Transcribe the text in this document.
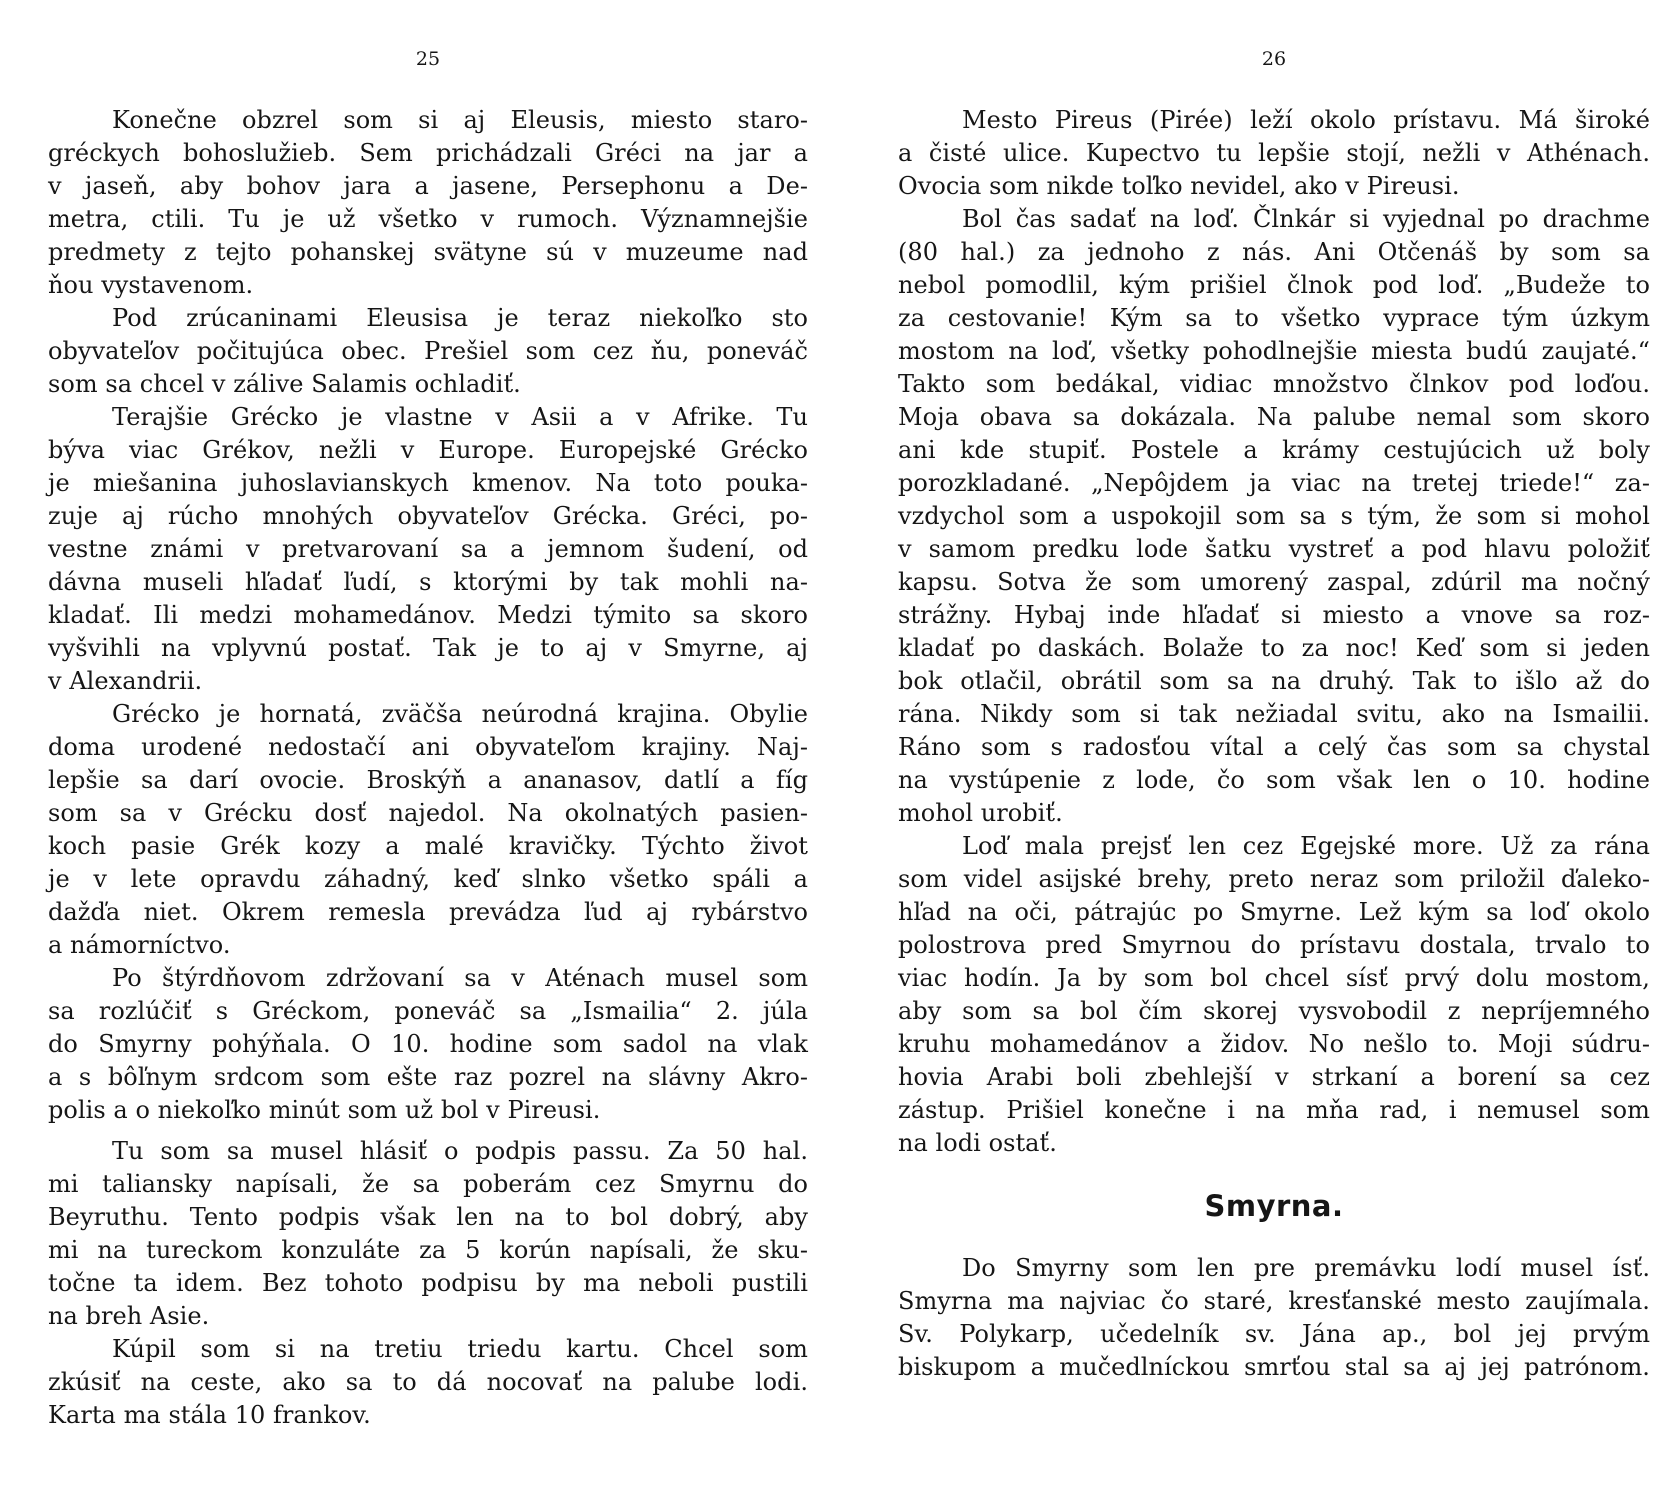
25
Konečne obzrel som si aj Eleusis, miesto staro-
gréckych bohoslužieb. Sem prichádzali Gréci na jar a
v jaseň, aby bohov jara a jasene, Persephonu a De-
metra, ctili. Tu je už všetko v rumoch. Významnejšie
predmety z tejto pohanskej svätyne sú v muzeume nad
ňou vystavenom.
Pod zrúcaninami Eleusisa je teraz niekoľko sto
obyvateľov počitujúca obec. Prešiel som cez ňu, poneváč
som sa chcel v zálive Salamis ochladiť.
Terajšie Grécko je vlastne v Asii a v Afrike. Tu
býva viac Grékov, nežli v Europe. Europejské Grécko
je miešanina juhoslavianskych kmenov. Na toto pouka-
zuje aj rúcho mnohých obyvateľov Grécka. Gréci, po-
vestne známi v pretvarovaní sa a jemnom šudení, od
dávna museli hľadať ľudí, s ktorými by tak mohli na-
kladať. Ili medzi mohamedánov. Medzi týmito sa skoro
vyšvihli na vplyvnú postať. Tak je to aj v Smyrne, aj
v Alexandrii.
Grécko je hornatá, zväčša neúrodná krajina. Obylie
doma urodené nedostačí ani obyvateľom krajiny. Naj-
lepšie sa darí ovocie. Broskýň a ananasov, datlí a fíg
som sa v Grécku dosť najedol. Na okolnatých pasien-
koch pasie Grék kozy a malé kravičky. Týchto život
je v lete opravdu záhadný, keď slnko všetko spáli a
dažďa niet. Okrem remesla prevádza ľud aj rybárstvo
a námorníctvo.
Po štýrdňovom zdržovaní sa v Aténach musel som
sa rozlúčiť s Gréckom, poneváč sa „Ismailia“ 2. júla
do Smyrny pohýňala. O 10. hodine som sadol na vlak
a s bôľnym srdcom som ešte raz pozrel na slávny Akro-
polis a o niekoľko minút som už bol v Pireusi.
Tu som sa musel hlásiť o podpis passu. Za 50 hal.
mi taliansky napísali, že sa poberám cez Smyrnu do
Beyruthu. Tento podpis však len na to bol dobrý, aby
mi na tureckom konzuláte za 5 korún napísali, že sku-
točne ta idem. Bez tohoto podpisu by ma neboli pustili
na breh Asie.
Kúpil som si na tretiu triedu kartu. Chcel som
zkúsiť na ceste, ako sa to dá nocovať na palube lodi.
Karta ma stála 10 frankov.
26
Mesto Pireus (Pirée) leží okolo prístavu. Má široké
a čisté ulice. Kupectvo tu lepšie stojí, nežli v Athénach.
Ovocia som nikde toľko nevidel, ako v Pireusi.
Bol čas sadať na loď. Člnkár si vyjednal po drachme
(80 hal.) za jednoho z nás. Ani Otčenáš by som sa
nebol pomodlil, kým prišiel člnok pod loď. „Budeže to
za cestovanie! Kým sa to všetko vyprace tým úzkym
mostom na loď, všetky pohodlnejšie miesta budú zaujaté.“
Takto som bedákal, vidiac množstvo člnkov pod loďou.
Moja obava sa dokázala. Na palube nemal som skoro
ani kde stupiť. Postele a krámy cestujúcich už boly
porozkladané. „Nepôjdem ja viac na tretej triede!“ za-
vzdychol som a uspokojil som sa s tým, že som si mohol
v samom predku lode šatku vystreť a pod hlavu položiť
kapsu. Sotva že som umorený zaspal, zdúril ma nočný
strážny. Hybaj inde hľadať si miesto a vnove sa roz-
kladať po daskách. Bolaže to za noc! Keď som si jeden
bok otlačil, obrátil som sa na druhý. Tak to išlo až do
rána. Nikdy som si tak nežiadal svitu, ako na Ismailii.
Ráno som s radosťou vítal a celý čas som sa chystal
na vystúpenie z lode, čo som však len o 10. hodine
mohol urobiť.
Loď mala prejsť len cez Egejské more. Už za rána
som videl asijské brehy, preto neraz som priložil ďaleko-
hľad na oči, pátrajúc po Smyrne. Lež kým sa loď okolo
polostrova pred Smyrnou do prístavu dostala, trvalo to
viac hodín. Ja by som bol chcel sísť prvý dolu mostom,
aby som sa bol čím skorej vysvobodil z nepríjemného
kruhu mohamedánov a židov. No nešlo to. Moji súdru-
hovia Arabi boli zbehlejší v strkaní a borení sa cez
zástup. Prišiel konečne i na mňa rad, i nemusel som
na lodi ostať.
Smyrna.
Do Smyrny som len pre premávku lodí musel ísť.
Smyrna ma najviac čo staré, kresťanské mesto zaujímala.
Sv. Polykarp, učedelník sv. Jána ap., bol jej prvým
biskupom a mučedlníckou smrťou stal sa aj jej patrónom.
